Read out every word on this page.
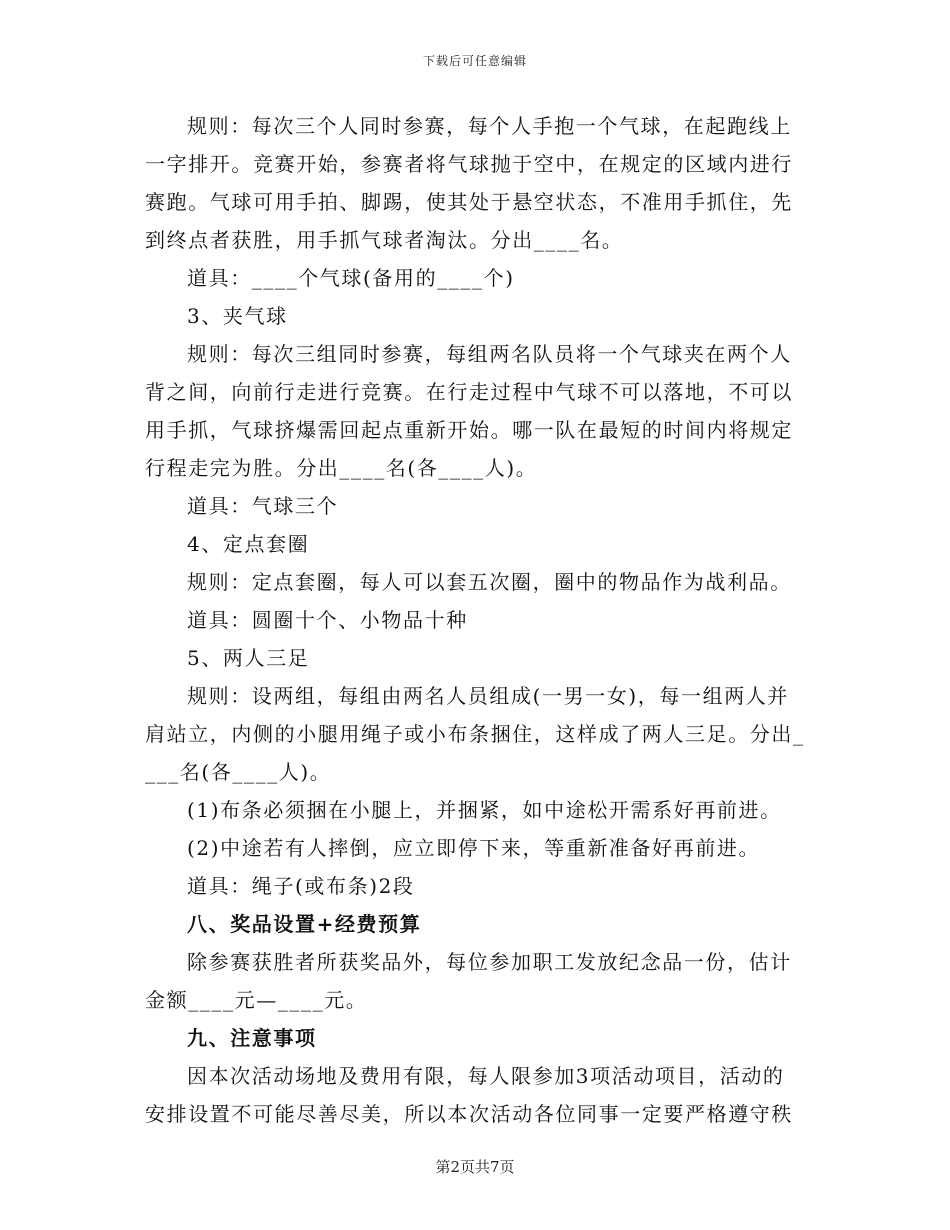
下载后可任意编辑
规则：每次三个人同时参赛，每个人手抱一个气球，在起跑线上
一字排开。竞赛开始，参赛者将气球抛于空中，在规定的区域内进行
赛跑。气球可用手拍、脚踢，使其处于悬空状态，不准用手抓住，先
到终点者获胜，用手抓气球者淘汰。分出____名。
道具：____个气球(备用的____个)
3、夹气球
规则：每次三组同时参赛，每组两名队员将一个气球夹在两个人
背之间，向前行走进行竞赛。在行走过程中气球不可以落地，不可以
用手抓，气球挤爆需回起点重新开始。哪一队在最短的时间内将规定
行程走完为胜。分出____名(各____人)。
道具：气球三个
4、定点套圈
规则：定点套圈，每人可以套五次圈，圈中的物品作为战利品。
道具：圆圈十个、小物品十种
5、两人三足
规则：设两组，每组由两名人员组成(一男一女)，每一组两人并
肩站立，内侧的小腿用绳子或小布条捆住，这样成了两人三足。分出_
___名(各____人)。
(1)布条必须捆在小腿上，并捆紧，如中途松开需系好再前进。
(2)中途若有人摔倒，应立即停下来，等重新准备好再前进。
道具：绳子(或布条)2段
八、奖品设置+经费预算
除参赛获胜者所获奖品外，每位参加职工发放纪念品一份，估计
金额____元—____元。
九、注意事项
因本次活动场地及费用有限，每人限参加3项活动项目，活动的
安排设置不可能尽善尽美，所以本次活动各位同事一定要严格遵守秩
第2页共7页
